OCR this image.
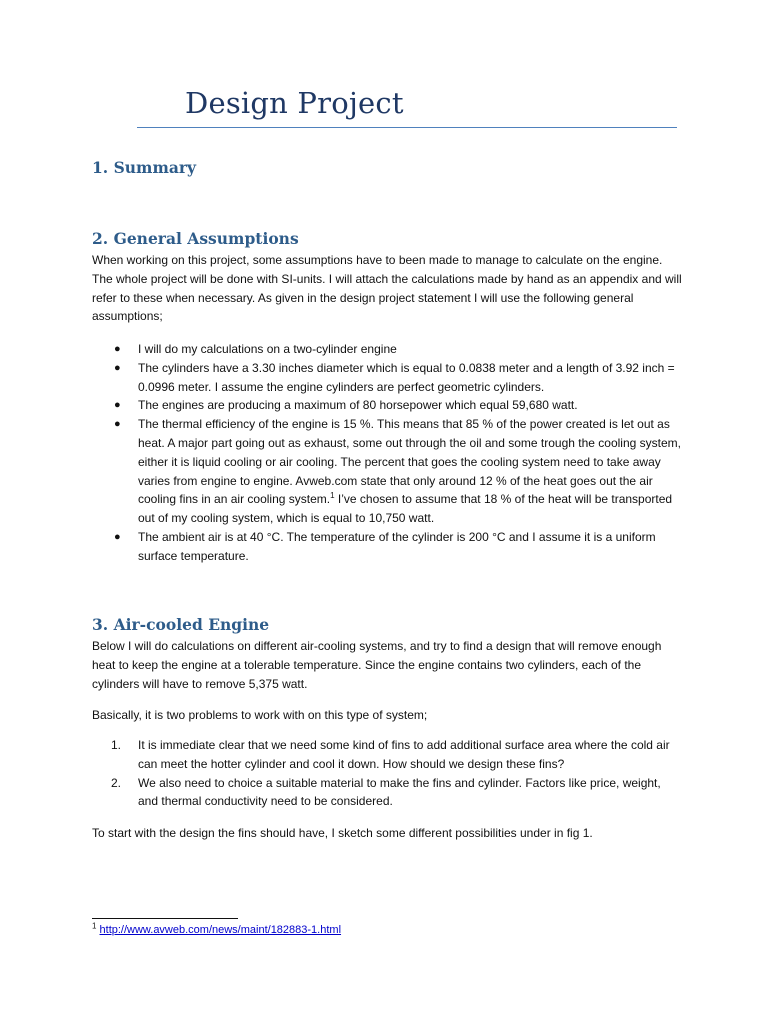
Design Project
1. Summary
2. General Assumptions
When working on this project, some assumptions have to been made to manage to calculate on the engine. The whole project will be done with SI-units. I will attach the calculations made by hand as an appendix and will refer to these when necessary. As given in the design project statement I will use the following general assumptions;
● I will do my calculations on a two-cylinder engine
● The cylinders have a 3.30 inches diameter which is equal to 0.0838 meter and a length of 3.92 inch = 0.0996 meter. I assume the engine cylinders are perfect geometric cylinders.
● The engines are producing a maximum of 80 horsepower which equal 59,680 watt.
● The thermal efficiency of the engine is 15 %. This means that 85 % of the power created is let out as heat. A major part going out as exhaust, some out through the oil and some trough the cooling system, either it is liquid cooling or air cooling. The percent that goes the cooling system need to take away varies from engine to engine. Avweb.com state that only around 12 % of the heat goes out the air cooling fins in an air cooling system.$^1$ I’ve chosen to assume that 18 % of the heat will be transported out of my cooling system, which is equal to 10,750 watt.
● The ambient air is at 40 °C. The temperature of the cylinder is 200 °C and I assume it is a uniform surface temperature.
3. Air-cooled Engine
Below I will do calculations on different air-cooling systems, and try to find a design that will remove enough heat to keep the engine at a tolerable temperature. Since the engine contains two cylinders, each of the cylinders will have to remove 5,375 watt.
Basically, it is two problems to work with on this type of system;
1. It is immediate clear that we need some kind of fins to add additional surface area where the cold air can meet the hotter cylinder and cool it down. How should we design these fins?
2. We also need to choice a suitable material to make the fins and cylinder. Factors like price, weight, and thermal conductivity need to be considered.
To start with the design the fins should have, I sketch some different possibilities under in fig 1.
$^1$ http://www.avweb.com/news/maint/182883-1.html
